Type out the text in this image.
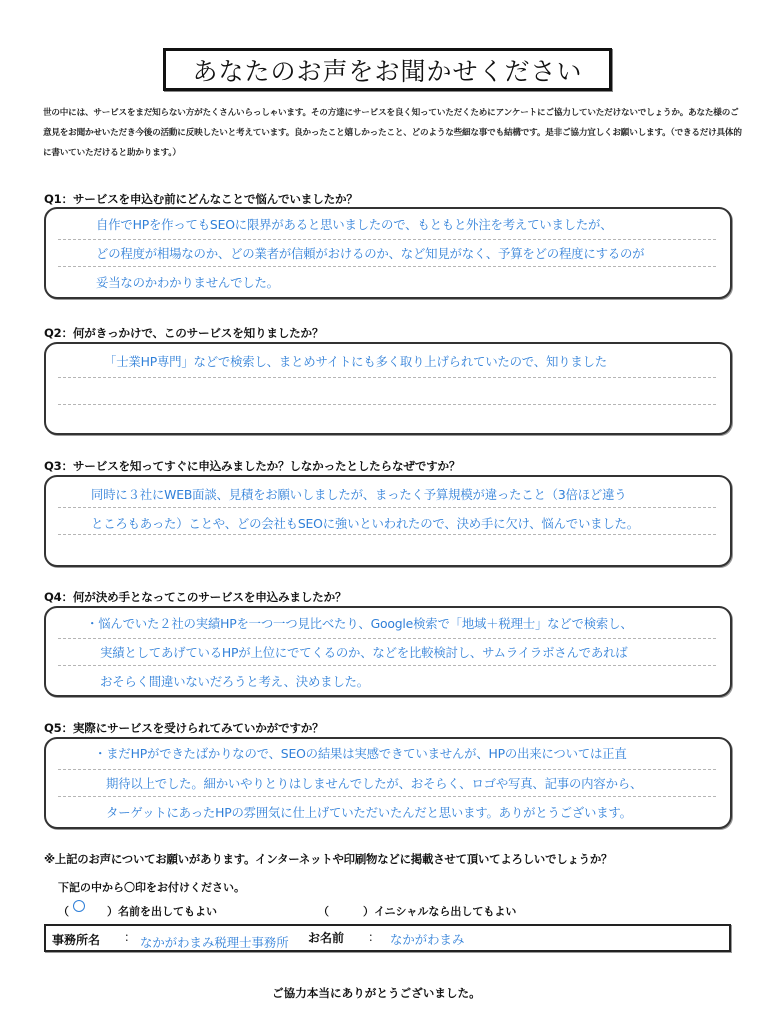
あなたのお声をお聞かせください
世の中には、サービスをまだ知らない方がたくさんいらっしゃいます。その方達にサービスを良く知っていただくためにアンケートにご協力していただけないでしょうか。あなた様のご意見をお聞かせいただき今後の活動に反映したいと考えています。良かったこと嬉しかったこと、どのような些細な事でも結構です。是非ご協力宜しくお願いします。（できるだけ具体的に書いていただけると助かります。）
Q1：サービスを申込む前にどんなことで悩んでいましたか？
自作でHPを作ってもSEOに限界があると思いましたので、もともと外注を考えていましたが、
どの程度が相場なのか、どの業者が信頼がおけるのか、など知見がなく、予算をどの程度にするのが
妥当なのかわかりませんでした。
Q2：何がきっかけで、このサービスを知りましたか？
「士業HP専門」などで検索し、まとめサイトにも多く取り上げられていたので、知りました
Q3：サービスを知ってすぐに申込みましたか？しなかったとしたらなぜですか？
同時に３社にWEB面談、見積をお願いしましたが、まったく予算規模が違ったこと（3倍ほど違う
ところもあった）ことや、どの会社もSEOに強いといわれたので、決め手に欠け、悩んでいました。
Q4：何が決め手となってこのサービスを申込みましたか？
・悩んでいた２社の実績HPを一つ一つ見比べたり、Google検索で「地域＋税理士」などで検索し、
実績としてあげているHPが上位にでてくるのか、などを比較検討し、サムライラボさんであれば
おそらく間違いないだろうと考え、決めました。
Q5：実際にサービスを受けられてみていかがですか？
・まだHPができたばかりなので、SEOの結果は実感できていませんが、HPの出来については正直
期待以上でした。細かいやりとりはしませんでしたが、おそらく、ロゴや写真、記事の内容から、
ターゲットにあったHPの雰囲気に仕上げていただいたんだと思います。ありがとうございます。
※上記のお声についてお願いがあります。インターネットや印刷物などに掲載させて頂いてよろしいでしょうか？
下記の中から〇印をお付けください。
（	）名前を出してもよい	（	）イニシャルなら出してもよい
事務所名 ： なかがわまみ税理士事務所 お名前 ： なかがわまみ
ご協力本当にありがとうございました。
